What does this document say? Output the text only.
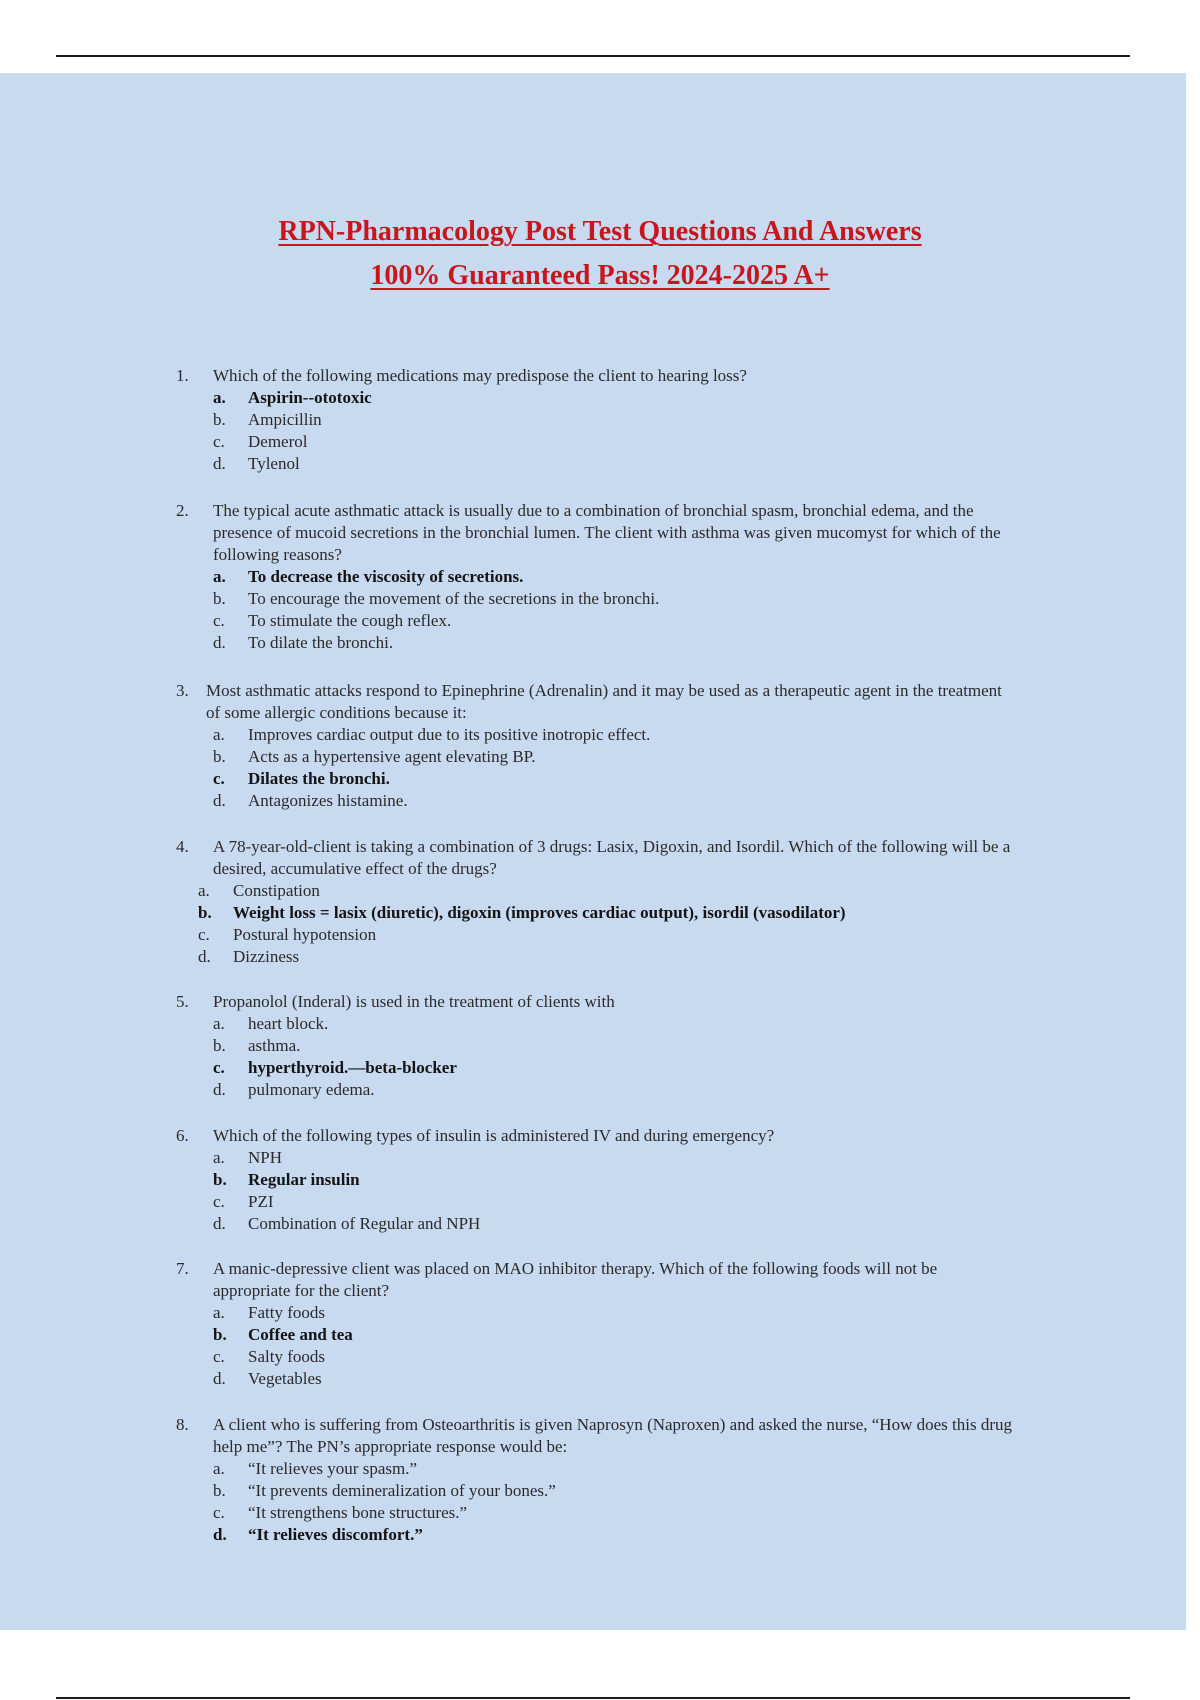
RPN-Pharmacology Post Test Questions And Answers
100% Guaranteed Pass! 2024-2025 A+
1.	Which of the following medications may predispose the client to hearing loss?
a.	Aspirin--ototoxic
b.	Ampicillin
c.	Demerol
d.	Tylenol
2.	The typical acute asthmatic attack is usually due to a combination of bronchial spasm, bronchial edema, and the presence of mucoid secretions in the bronchial lumen. The client with asthma was given mucomyst for which of the following reasons?
a.	To decrease the viscosity of secretions.
b.	To encourage the movement of the secretions in the bronchi.
c.	To stimulate the cough reflex.
d.	To dilate the bronchi.
3.	Most asthmatic attacks respond to Epinephrine (Adrenalin) and it may be used as a therapeutic agent in the treatment of some allergic conditions because it:
a.	Improves cardiac output due to its positive inotropic effect.
b.	Acts as a hypertensive agent elevating BP.
c.	Dilates the bronchi.
d.	Antagonizes histamine.
4.	A 78-year-old-client is taking a combination of 3 drugs: Lasix, Digoxin, and Isordil. Which of the following will be a desired, accumulative effect of the drugs?
a.	Constipation
b.	Weight loss = lasix (diuretic), digoxin (improves cardiac output), isordil (vasodilator)
c.	Postural hypotension
d.	Dizziness
5.	Propanolol (Inderal) is used in the treatment of clients with
a.	heart block.
b.	asthma.
c.	hyperthyroid.—beta-blocker
d.	pulmonary edema.
6.	Which of the following types of insulin is administered IV and during emergency?
a.	NPH
b.	Regular insulin
c.	PZI
d.	Combination of Regular and NPH
7.	A manic-depressive client was placed on MAO inhibitor therapy. Which of the following foods will not be appropriate for the client?
a.	Fatty foods
b.	Coffee and tea
c.	Salty foods
d.	Vegetables
8.	A client who is suffering from Osteoarthritis is given Naprosyn (Naproxen) and asked the nurse, “How does this drug help me”? The PN’s appropriate response would be:
a.	“It relieves your spasm.”
b.	“It prevents demineralization of your bones.”
c.	“It strengthens bone structures.”
d.	“It relieves discomfort.”
